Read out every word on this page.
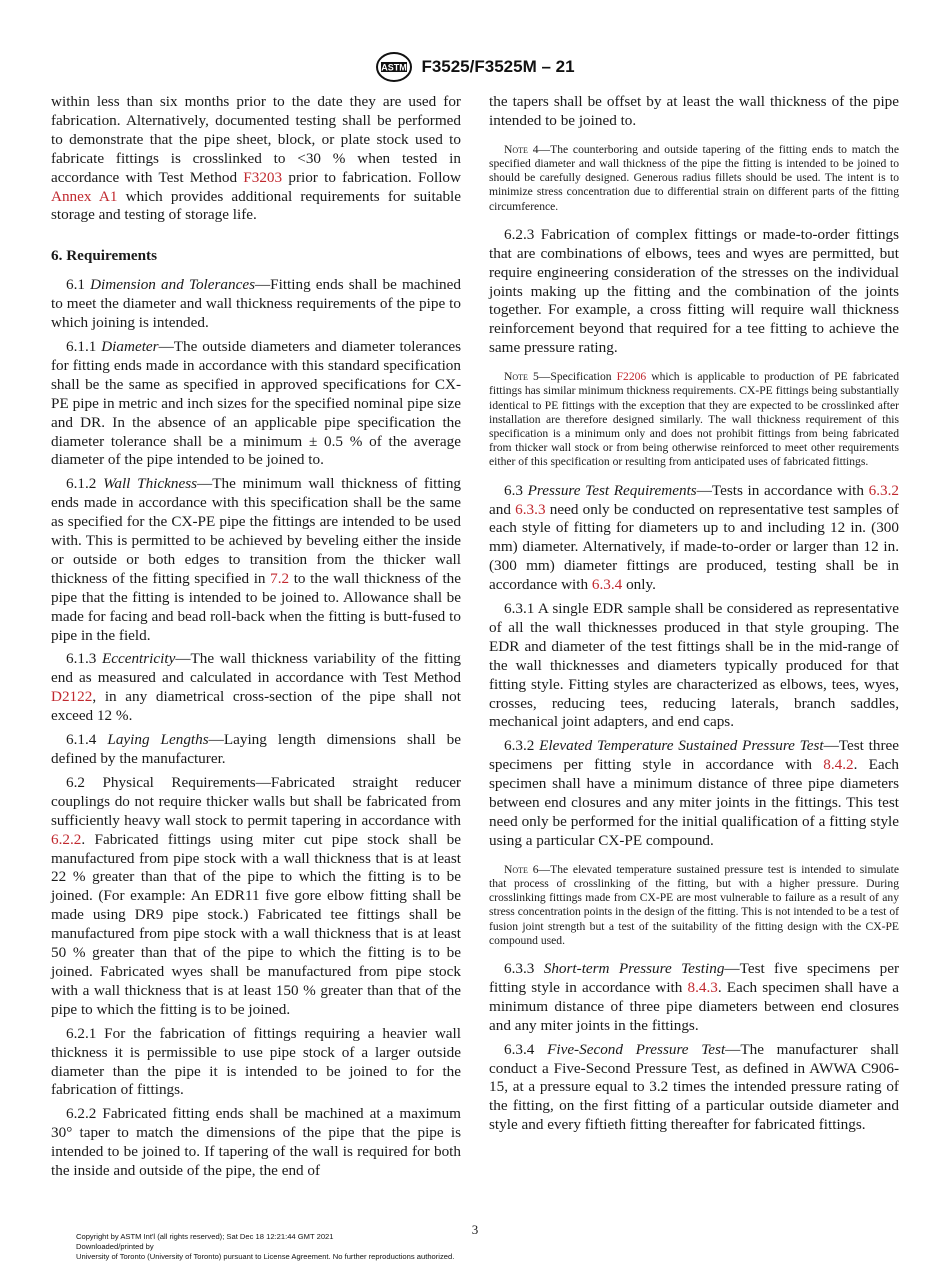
ASTM F3525/F3525M – 21

within less than six months prior to the date they are used for fabrication. Alternatively, documented testing shall be performed to demonstrate that the pipe sheet, block, or plate stock used to fabricate fittings is crosslinked to <30 % when tested in accordance with Test Method F3203 prior to fabrication. Follow Annex A1 which provides additional requirements for suitable storage and testing of storage life.

6. Requirements

6.1 Dimension and Tolerances—Fitting ends shall be machined to meet the diameter and wall thickness requirements of the pipe to which joining is intended.

6.1.1 Diameter—The outside diameters and diameter tolerances for fitting ends made in accordance with this standard specification shall be the same as specified in approved specifications for CX-PE pipe in metric and inch sizes for the specified nominal pipe size and DR. In the absence of an applicable pipe specification the diameter tolerance shall be a minimum ± 0.5 % of the average diameter of the pipe intended to be joined to.

6.1.2 Wall Thickness—The minimum wall thickness of fitting ends made in accordance with this specification shall be the same as specified for the CX-PE pipe the fittings are intended to be used with. This is permitted to be achieved by beveling either the inside or outside or both edges to transition from the thicker wall thickness of the fitting specified in 7.2 to the wall thickness of the pipe that the fitting is intended to be joined to. Allowance shall be made for facing and bead roll-back when the fitting is butt-fused to pipe in the field.

6.1.3 Eccentricity—The wall thickness variability of the fitting end as measured and calculated in accordance with Test Method D2122, in any diametrical cross-section of the pipe shall not exceed 12 %.

6.1.4 Laying Lengths—Laying length dimensions shall be defined by the manufacturer.

6.2 Physical Requirements—Fabricated straight reducer couplings do not require thicker walls but shall be fabricated from sufficiently heavy wall stock to permit tapering in accordance with 6.2.2. Fabricated fittings using miter cut pipe stock shall be manufactured from pipe stock with a wall thickness that is at least 22 % greater than that of the pipe to which the fitting is to be joined. (For example: An EDR11 five gore elbow fitting shall be made using DR9 pipe stock.) Fabricated tee fittings shall be manufactured from pipe stock with a wall thickness that is at least 50 % greater than that of the pipe to which the fitting is to be joined. Fabricated wyes shall be manufactured from pipe stock with a wall thickness that is at least 150 % greater than that of the pipe to which the fitting is to be joined.

6.2.1 For the fabrication of fittings requiring a heavier wall thickness it is permissible to use pipe stock of a larger outside diameter than the pipe it is intended to be joined to for the fabrication of fittings.

6.2.2 Fabricated fitting ends shall be machined at a maximum 30° taper to match the dimensions of the pipe that the pipe is intended to be joined to. If tapering of the wall is required for both the inside and outside of the pipe, the end of

the tapers shall be offset by at least the wall thickness of the pipe intended to be joined to.

Note 4—The counterboring and outside tapering of the fitting ends to match the specified diameter and wall thickness of the pipe the fitting is intended to be joined to should be carefully designed. Generous radius fillets should be used. The intent is to minimize stress concentration due to differential strain on different parts of the fitting circumference.

6.2.3 Fabrication of complex fittings or made-to-order fittings that are combinations of elbows, tees and wyes are permitted, but require engineering consideration of the stresses on the individual joints making up the fitting and the combination of the joints together. For example, a cross fitting will require wall thickness reinforcement beyond that required for a tee fitting to achieve the same pressure rating.

Note 5—Specification F2206 which is applicable to production of PE fabricated fittings has similar minimum thickness requirements. CX-PE fittings being substantially identical to PE fittings with the exception that they are expected to be crosslinked after installation are therefore designed similarly. The wall thickness requirement of this specification is a minimum only and does not prohibit fittings from being fabricated from thicker wall stock or from being otherwise reinforced to meet other requirements either of this specification or resulting from anticipated uses of fabricated fittings.

6.3 Pressure Test Requirements—Tests in accordance with 6.3.2 and 6.3.3 need only be conducted on representative test samples of each style of fitting for diameters up to and including 12 in. (300 mm) diameter. Alternatively, if made-to-order or larger than 12 in. (300 mm) diameter fittings are produced, testing shall be in accordance with 6.3.4 only.

6.3.1 A single EDR sample shall be considered as representative of all the wall thicknesses produced in that style grouping. The EDR and diameter of the test fittings shall be in the mid-range of the wall thicknesses and diameters typically produced for that fitting style. Fitting styles are characterized as elbows, tees, wyes, crosses, reducing tees, reducing laterals, branch saddles, mechanical joint adapters, and end caps.

6.3.2 Elevated Temperature Sustained Pressure Test—Test three specimens per fitting style in accordance with 8.4.2. Each specimen shall have a minimum distance of three pipe diameters between end closures and any miter joints in the fittings. This test need only be performed for the initial qualification of a fitting style using a particular CX-PE compound.

Note 6—The elevated temperature sustained pressure test is intended to simulate that process of crosslinking of the fitting, but with a higher pressure. During crosslinking fittings made from CX-PE are most vulnerable to failure as a result of any stress concentration points in the design of the fitting. This is not intended to be a test of fusion joint strength but a test of the suitability of the fitting design with the CX-PE compound used.

6.3.3 Short-term Pressure Testing—Test five specimens per fitting style in accordance with 8.4.3. Each specimen shall have a minimum distance of three pipe diameters between end closures and any miter joints in the fittings.

6.3.4 Five-Second Pressure Test—The manufacturer shall conduct a Five-Second Pressure Test, as defined in AWWA C906-15, at a pressure equal to 3.2 times the intended pressure rating of the fitting, on the first fitting of a particular outside diameter and style and every fiftieth fitting thereafter for fabricated fittings.

3
Copyright by ASTM Int'l (all rights reserved); Sat Dec 18 12:21:44 GMT 2021
Downloaded/printed by
University of Toronto (University of Toronto) pursuant to License Agreement. No further reproductions authorized.
